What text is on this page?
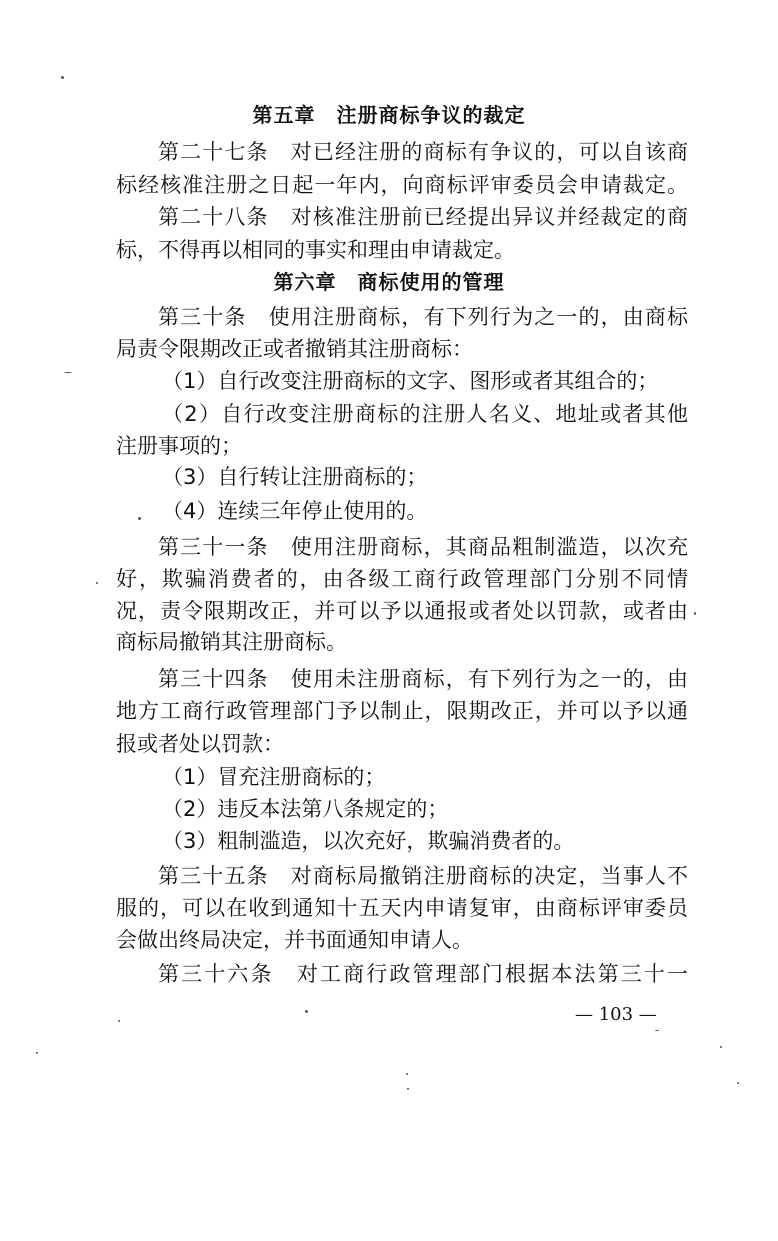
第五章　注册商标争议的裁定
第二十七条　对已经注册的商标有争议的，可以自该商
标经核准注册之日起一年内，向商标评审委员会申请裁定。
第二十八条　对核准注册前已经提出异议并经裁定的商
标，不得再以相同的事实和理由申请裁定。
第六章　商标使用的管理
第三十条　使用注册商标，有下列行为之一的，由商标
局责令限期改正或者撤销其注册商标：
（1）自行改变注册商标的文字、图形或者其组合的；
（2）自行改变注册商标的注册人名义、地址或者其他
注册事项的；
（3）自行转让注册商标的；
（4）连续三年停止使用的。
第三十一条　使用注册商标，其商品粗制滥造，以次充
好，欺骗消费者的，由各级工商行政管理部门分别不同情
况，责令限期改正，并可以予以通报或者处以罚款，或者由
商标局撤销其注册商标。
第三十四条　使用未注册商标，有下列行为之一的，由
地方工商行政管理部门予以制止，限期改正，并可以予以通
报或者处以罚款：
（1）冒充注册商标的；
（2）违反本法第八条规定的；
（3）粗制滥造，以次充好，欺骗消费者的。
第三十五条　对商标局撤销注册商标的决定，当事人不
服的，可以在收到通知十五天内申请复审，由商标评审委员
会做出终局决定，并书面通知申请人。
第三十六条　对工商行政管理部门根据本法第三十一
— 103 —
